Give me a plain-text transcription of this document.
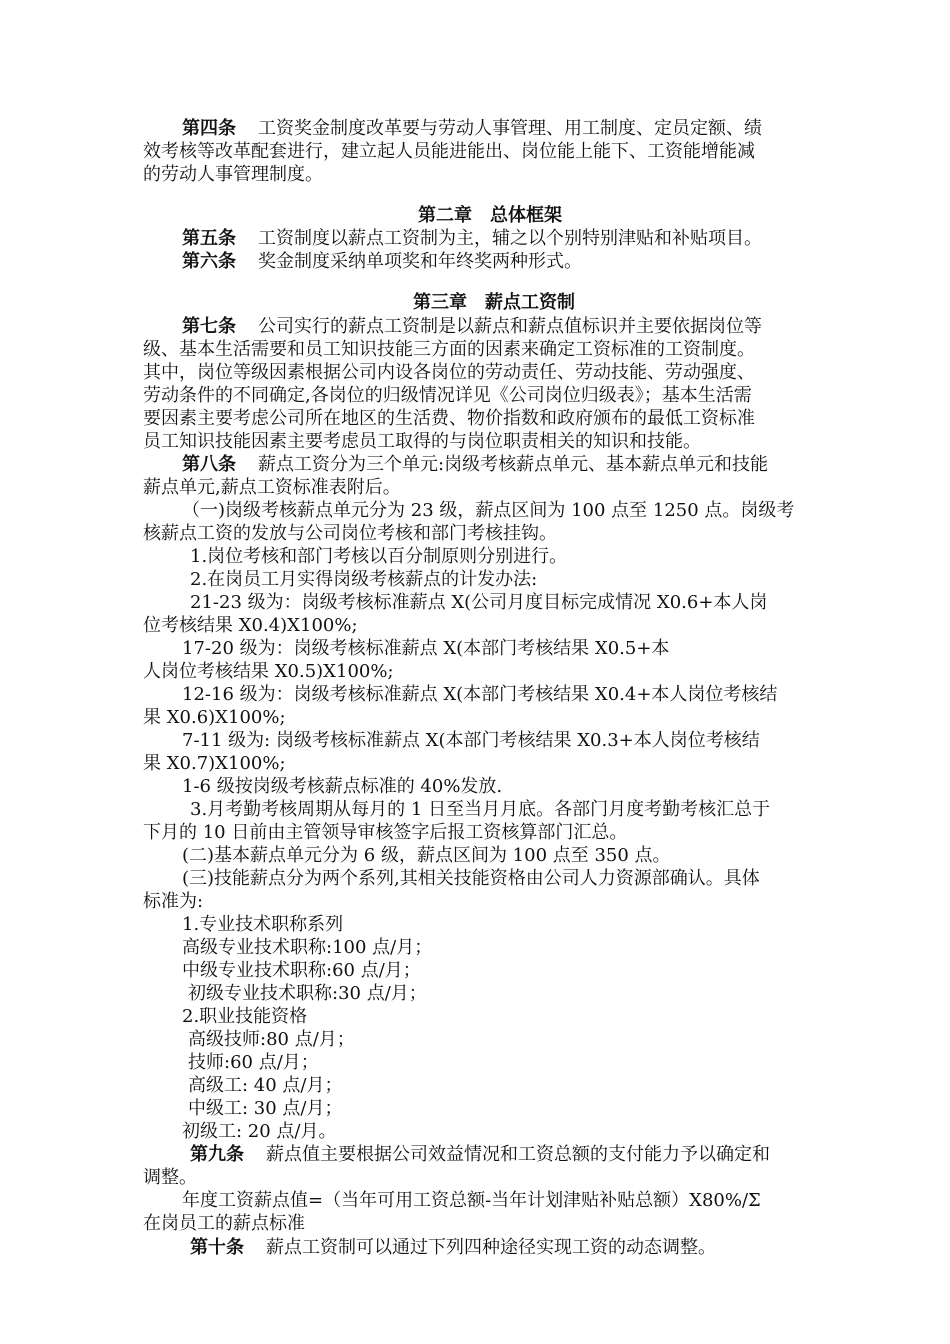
第四条 工资奖金制度改革要与劳动人事管理、用工制度、定员定额、绩
效考核等改革配套进行，建立起人员能进能出、岗位能上能下、工资能增能减
的劳动人事管理制度。
第二章　总体框架
第五条 工资制度以薪点工资制为主，辅之以个别特别津贴和补贴项目。
第六条 奖金制度采纳单项奖和年终奖两种形式。
第三章　薪点工资制
第七条 公司实行的薪点工资制是以薪点和薪点值标识并主要依据岗位等
级、基本生活需要和员工知识技能三方面的因素来确定工资标准的工资制度。
其中，岗位等级因素根据公司内设各岗位的劳动责任、劳动技能、劳动强度、
劳动条件的不同确定,各岗位的归级情况详见《公司岗位归级表》；基本生活需
要因素主要考虑公司所在地区的生活费、物价指数和政府颁布的最低工资标准
员工知识技能因素主要考虑员工取得的与岗位职责相关的知识和技能。
第八条 薪点工资分为三个单元:岗级考核薪点单元、基本薪点单元和技能
薪点单元,薪点工资标准表附后。
（一)岗级考核薪点单元分为 23 级，薪点区间为 100 点至 1250 点。岗级考
核薪点工资的发放与公司岗位考核和部门考核挂钩。
1.岗位考核和部门考核以百分制原则分别进行。
2.在岗员工月实得岗级考核薪点的计发办法:
21-23 级为：岗级考核标准薪点 X(公司月度目标完成情况 X0.6+本人岗
位考核结果 X0.4)X100%;
17-20 级为：岗级考核标准薪点 X(本部门考核结果 X0.5+本
人岗位考核结果 X0.5)X100%;
12-16 级为：岗级考核标准薪点 X(本部门考核结果 X0.4+本人岗位考核结
果 X0.6)X100%;
7-11 级为: 岗级考核标准薪点 X(本部门考核结果 X0.3+本人岗位考核结
果 X0.7)X100%;
1-6 级按岗级考核薪点标准的 40%发放.
3.月考勤考核周期从每月的 1 日至当月月底。各部门月度考勤考核汇总于
下月的 10 日前由主管领导审核签字后报工资核算部门汇总。
(二)基本薪点单元分为 6 级，薪点区间为 100 点至 350 点。
(三)技能薪点分为两个系列,其相关技能资格由公司人力资源部确认。具体
标准为:
1.专业技术职称系列
高级专业技术职称:100 点/月；
中级专业技术职称:60 点/月；
初级专业技术职称:30 点/月；
2.职业技能资格
高级技师:80 点/月；
技师:60 点/月；
高级工: 40 点/月；
中级工: 30 点/月；
初级工: 20 点/月。
第九条 薪点值主要根据公司效益情况和工资总额的支付能力予以确定和
调整。
年度工资薪点值=（当年可用工资总额-当年计划津贴补贴总额）X80%/Σ
在岗员工的薪点标准
第十条 薪点工资制可以通过下列四种途径实现工资的动态调整。
